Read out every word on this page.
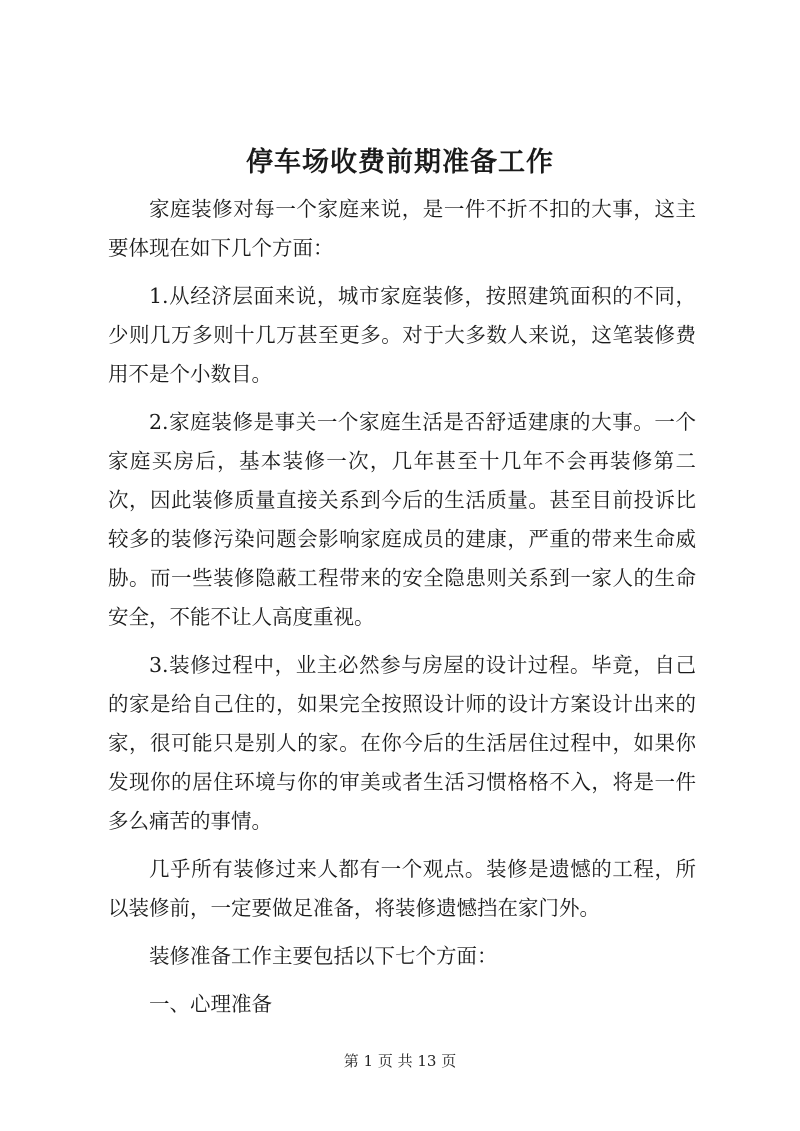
停车场收费前期准备工作

家庭装修对每一个家庭来说，是一件不折不扣的大事，这主要体现在如下几个方面：

1.从经济层面来说，城市家庭装修，按照建筑面积的不同，少则几万多则十几万甚至更多。对于大多数人来说，这笔装修费用不是个小数目。

2.家庭装修是事关一个家庭生活是否舒适建康的大事。一个家庭买房后，基本装修一次，几年甚至十几年不会再装修第二次，因此装修质量直接关系到今后的生活质量。甚至目前投诉比较多的装修污染问题会影响家庭成员的建康，严重的带来生命威胁。而一些装修隐蔽工程带来的安全隐患则关系到一家人的生命安全，不能不让人高度重视。

3.装修过程中，业主必然参与房屋的设计过程。毕竟，自己的家是给自己住的，如果完全按照设计师的设计方案设计出来的家，很可能只是别人的家。在你今后的生活居住过程中，如果你发现你的居住环境与你的审美或者生活习惯格格不入，将是一件多么痛苦的事情。

几乎所有装修过来人都有一个观点。装修是遗憾的工程，所以装修前，一定要做足准备，将装修遗憾挡在家门外。

装修准备工作主要包括以下七个方面：

一、心理准备

第 1 页 共 13 页
